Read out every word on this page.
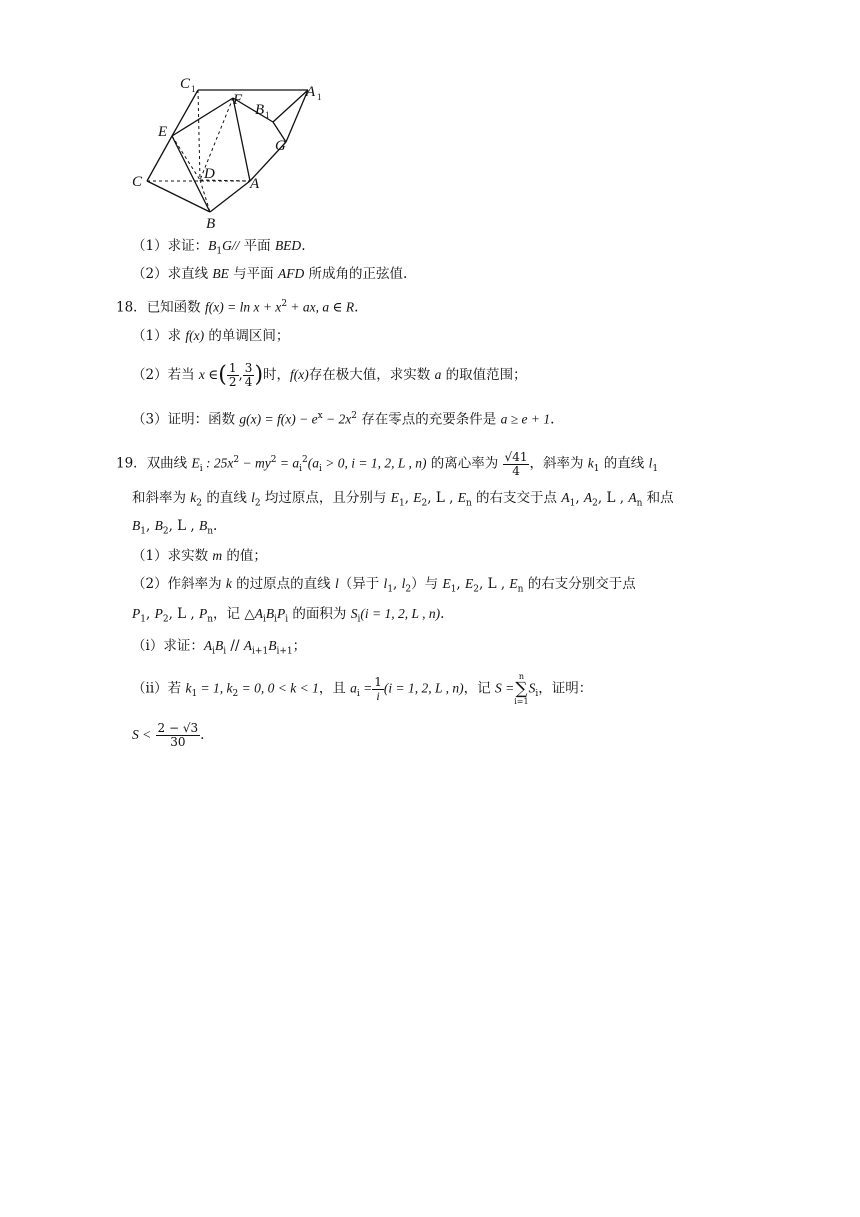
C 1	A 1
F
B 1
G
E
C	D
A
B
（1）求证：$B_1G//$ 平面 BED.
（2）求直线 BE 与平面 AFD 所成角的正弦值.
18．已知函数 $f(x) = \ln x + x^2$ + ax, a ∈ R.
（1）求 f(x) 的单调区间；
（2）若当 x ∈( $\frac{1}{2}$ , $\frac{3}{4}$ )时，f(x)存在极大值，求实数 a 的取值范围；
（3）证明：函数 $g(x) = f(x) - e^x - 2x^2$ 存在零点的充要条件是 a ≥ e + 1.
19．双曲线 $E_i$ : $25x^2 - my^2 = a_i^2(a_i > 0$, i = 1, 2, L , n) 的离心率为 $\frac{√41}{4}$ ，斜率为 $k_1$ 的直线 $l_1$
和斜率为 $k_2$ 的直线 $l_2$ 均过原点，且分别与 $E_1$, $E_2$, L , $E_n$ 的右支交于点 $A_1$, $A_2$, L , $A_n$ 和点
$B_1$, $B_2$, L , $B_n$.
（1）求实数 m 的值；
（2）作斜率为 k 的过原点的直线 l（异于 $l_1$, $l_2$）与 $E_1$, $E_2$, L , $E_n$ 的右支分别交于点
$P_1$, $P_2$, L , $P_n$，记 $\triangle A_iB_iP_i$ 的面积为 $S_i(i = 1$, 2, L , n).
（i）求证：$A_iB_i // A_{i+1}B_{i+1}$；
（ii）若 $k_1 = 1$, $k_2 = 0$, 0 < k < 1，且 $a_i = \frac{1}{i}(i = 1$, 2, L , n)，记 S =n
∑
$i=1S_i$，证明：
$S < \frac{2 - √3}{30}$ .
